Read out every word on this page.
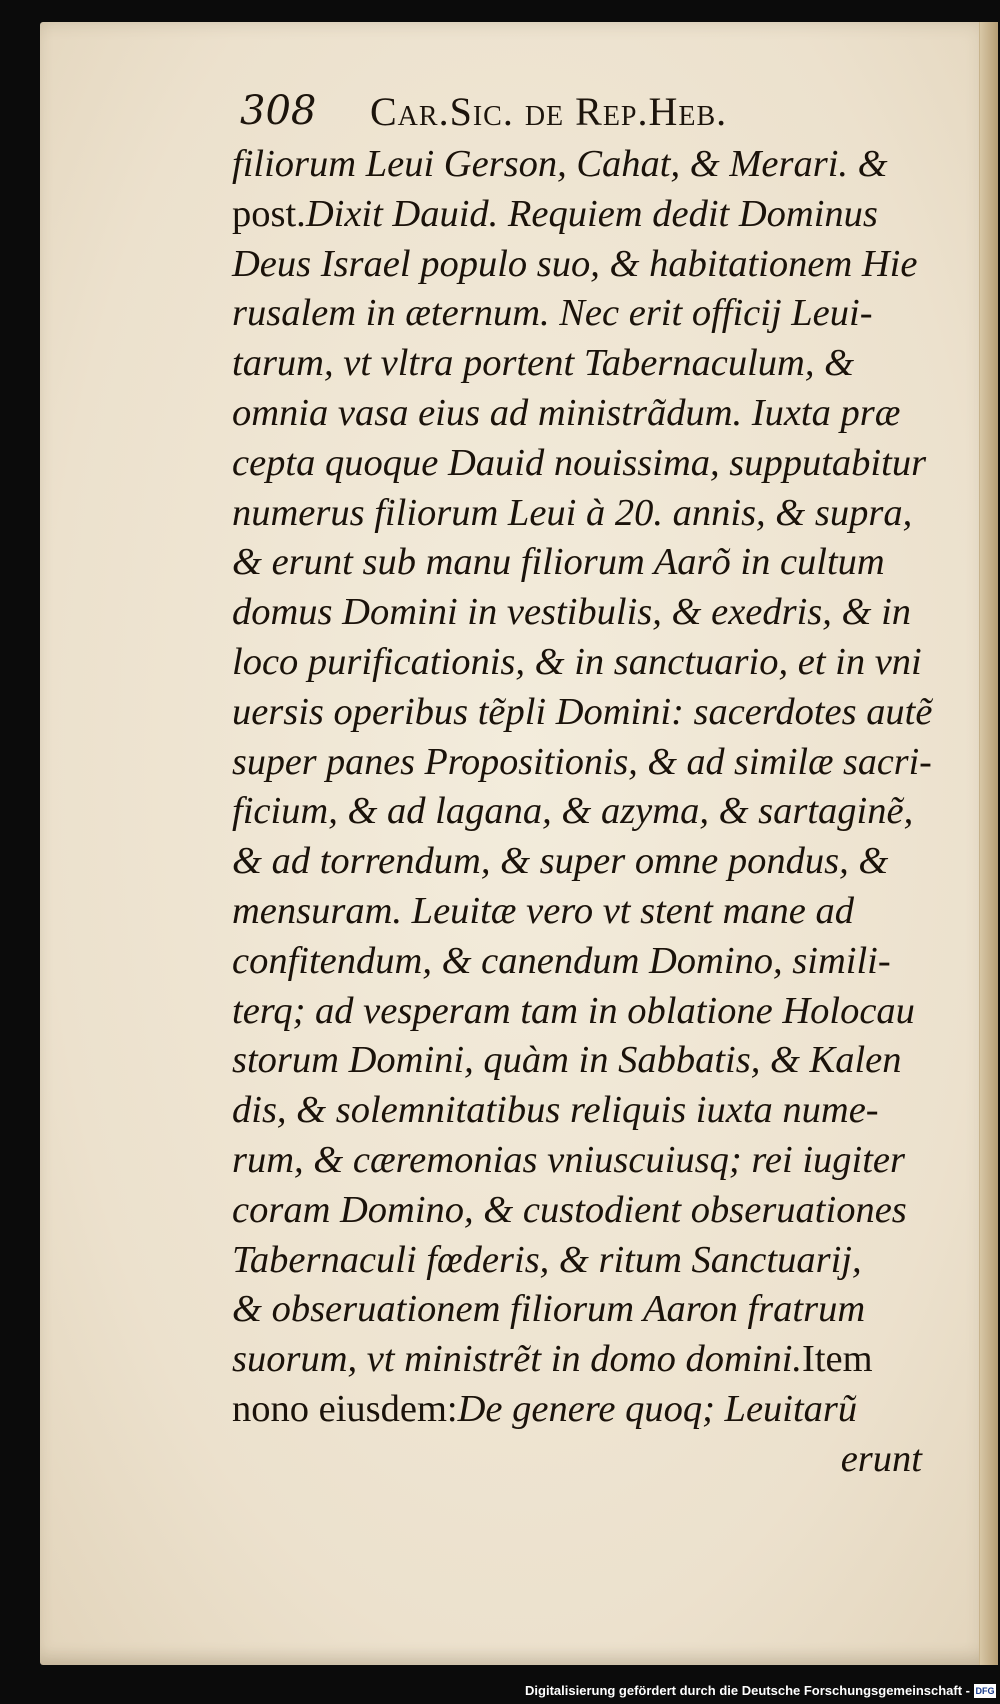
308 Car.Sic. de Rep.Heb.
filiorum Leui Gerson, Cahat, & Merari. &
post.Dixit Dauid. Requiem dedit Dominus
Deus Israel populo suo, & habitationem Hie
rusalem in æternum. Nec erit officij Leui-
tarum, vt vltra portent Tabernaculum, &
omnia vasa eius ad ministrãdum. Iuxta præ
cepta quoque Dauid nouissima, supputabitur
numerus filiorum Leui à 20. annis, & supra,
& erunt sub manu filiorum Aarõ in cultum
domus Domini in vestibulis, & exedris, & in
loco purificationis, & in sanctuario, et in vni
uersis operibus tẽpli Domini: sacerdotes autẽ
super panes Propositionis, & ad similæ sacri-
ficium, & ad lagana, & azyma, & sartaginẽ,
& ad torrendum, & super omne pondus, &
mensuram. Leuitæ vero vt stent mane ad
confitendum, & canendum Domino, simili-
terq; ad vesperam tam in oblatione Holocau
storum Domini, quàm in Sabbatis, & Kalen
dis, & solemnitatibus reliquis iuxta nume-
rum, & cæremonias vniuscuiusq; rei iugiter
coram Domino, & custodient obseruationes
Tabernaculi fœderis, & ritum Sanctuarij,
& obseruationem filiorum Aaron fratrum
suorum, vt ministrẽt in domo domini.Item
nono eiusdem:De genere quoq; Leuitarũ
erunt
Digitalisierung gefördert durch die Deutsche Forschungsgemeinschaft - DFG
